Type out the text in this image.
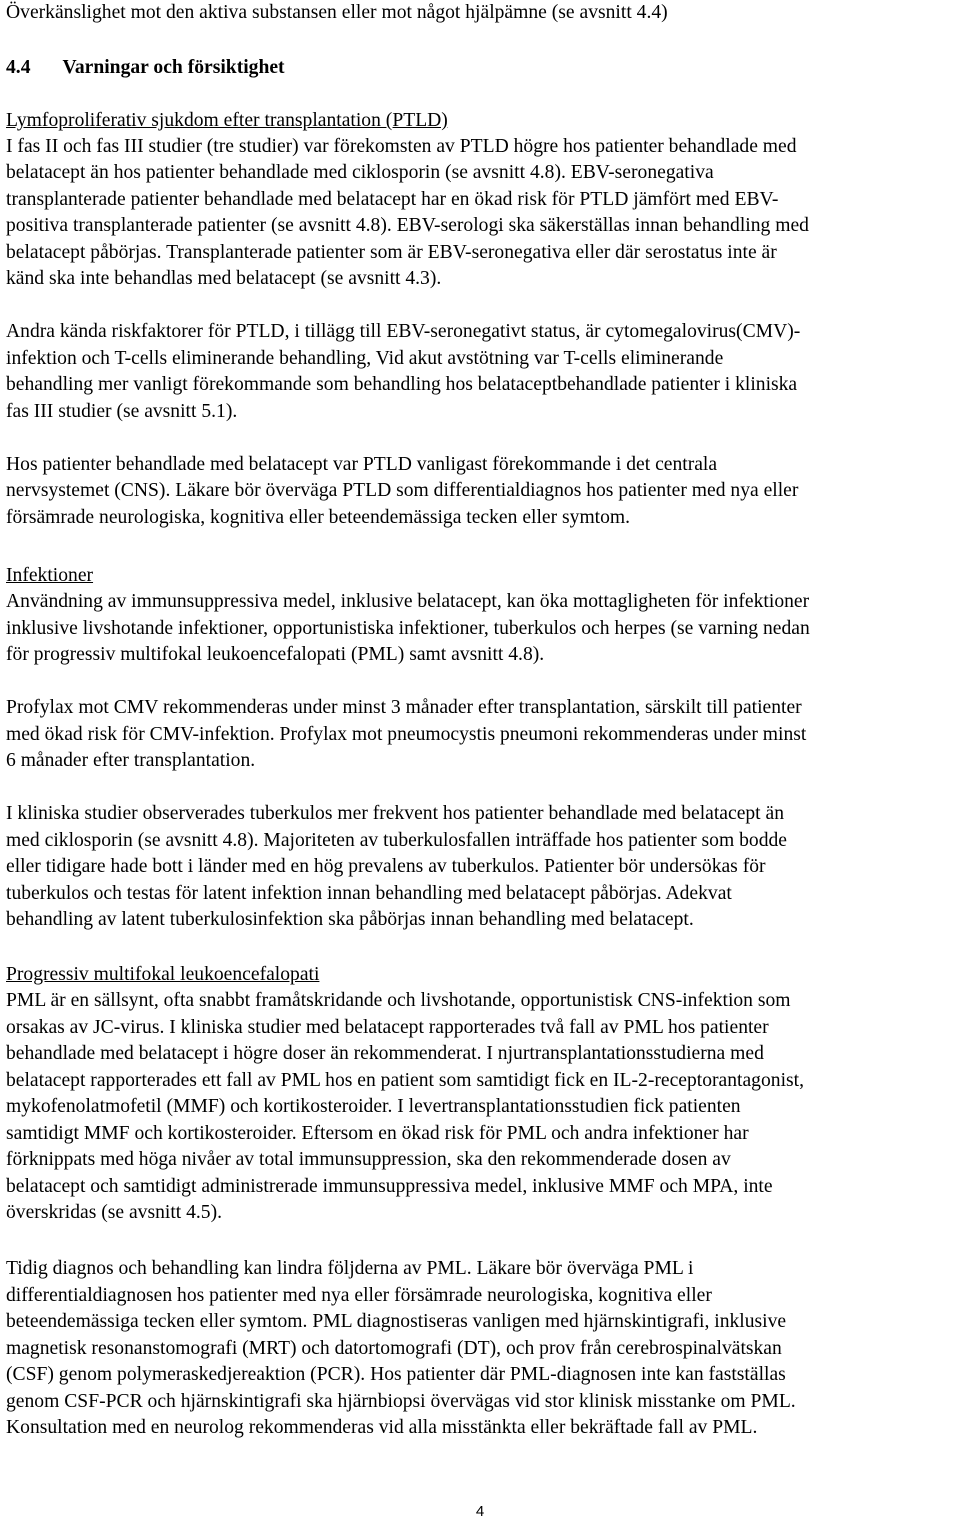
Överkänslighet mot den aktiva substansen eller mot något hjälpämne (se avsnitt 4.4)
4.4 Varningar och försiktighet
Lymfoproliferativ sjukdom efter transplantation (PTLD)
I fas II och fas III studier (tre studier) var förekomsten av PTLD högre hos patienter behandlade med
belatacept än hos patienter behandlade med ciklosporin (se avsnitt 4.8). EBV-seronegativa
transplanterade patienter behandlade med belatacept har en ökad risk för PTLD jämfört med EBV-
positiva transplanterade patienter (se avsnitt 4.8). EBV-serologi ska säkerställas innan behandling med
belatacept påbörjas. Transplanterade patienter som är EBV-seronegativa eller där serostatus inte är
känd ska inte behandlas med belatacept (se avsnitt 4.3).
Andra kända riskfaktorer för PTLD, i tillägg till EBV-seronegativt status, är cytomegalovirus(CMV)-
infektion och T-cells eliminerande behandling, Vid akut avstötning var T-cells eliminerande
behandling mer vanligt förekommande som behandling hos belataceptbehandlade patienter i kliniska
fas III studier (se avsnitt 5.1).
Hos patienter behandlade med belatacept var PTLD vanligast förekommande i det centrala
nervsystemet (CNS). Läkare bör överväga PTLD som differentialdiagnos hos patienter med nya eller
försämrade neurologiska, kognitiva eller beteendemässiga tecken eller symtom.
Infektioner
Användning av immunsuppressiva medel, inklusive belatacept, kan öka mottagligheten för infektioner
inklusive livshotande infektioner, opportunistiska infektioner, tuberkulos och herpes (se varning nedan
för progressiv multifokal leukoencefalopati (PML) samt avsnitt 4.8).
Profylax mot CMV rekommenderas under minst 3 månader efter transplantation, särskilt till patienter
med ökad risk för CMV-infektion. Profylax mot pneumocystis pneumoni rekommenderas under minst
6 månader efter transplantation.
I kliniska studier observerades tuberkulos mer frekvent hos patienter behandlade med belatacept än
med ciklosporin (se avsnitt 4.8). Majoriteten av tuberkulosfallen inträffade hos patienter som bodde
eller tidigare hade bott i länder med en hög prevalens av tuberkulos. Patienter bör undersökas för
tuberkulos och testas för latent infektion innan behandling med belatacept påbörjas. Adekvat
behandling av latent tuberkulosinfektion ska påbörjas innan behandling med belatacept.
Progressiv multifokal leukoencefalopati
PML är en sällsynt, ofta snabbt framåtskridande och livshotande, opportunistisk CNS-infektion som
orsakas av JC-virus. I kliniska studier med belatacept rapporterades två fall av PML hos patienter
behandlade med belatacept i högre doser än rekommenderat. I njurtransplantationsstudierna med
belatacept rapporterades ett fall av PML hos en patient som samtidigt fick en IL-2-receptorantagonist,
mykofenolatmofetil (MMF) och kortikosteroider. I levertransplantationsstudien fick patienten
samtidigt MMF och kortikosteroider. Eftersom en ökad risk för PML och andra infektioner har
förknippats med höga nivåer av total immunsuppression, ska den rekommenderade dosen av
belatacept och samtidigt administrerade immunsuppressiva medel, inklusive MMF och MPA, inte
överskridas (se avsnitt 4.5).
Tidig diagnos och behandling kan lindra följderna av PML. Läkare bör överväga PML i
differentialdiagnosen hos patienter med nya eller försämrade neurologiska, kognitiva eller
beteendemässiga tecken eller symtom. PML diagnostiseras vanligen med hjärnskintigrafi, inklusive
magnetisk resonanstomografi (MRT) och datortomografi (DT), och prov från cerebrospinalvätskan
(CSF) genom polymeraskedjereaktion (PCR). Hos patienter där PML-diagnosen inte kan fastställas
genom CSF-PCR och hjärnskintigrafi ska hjärnbiopsi övervägas vid stor klinisk misstanke om PML.
Konsultation med en neurolog rekommenderas vid alla misstänkta eller bekräftade fall av PML.
4
